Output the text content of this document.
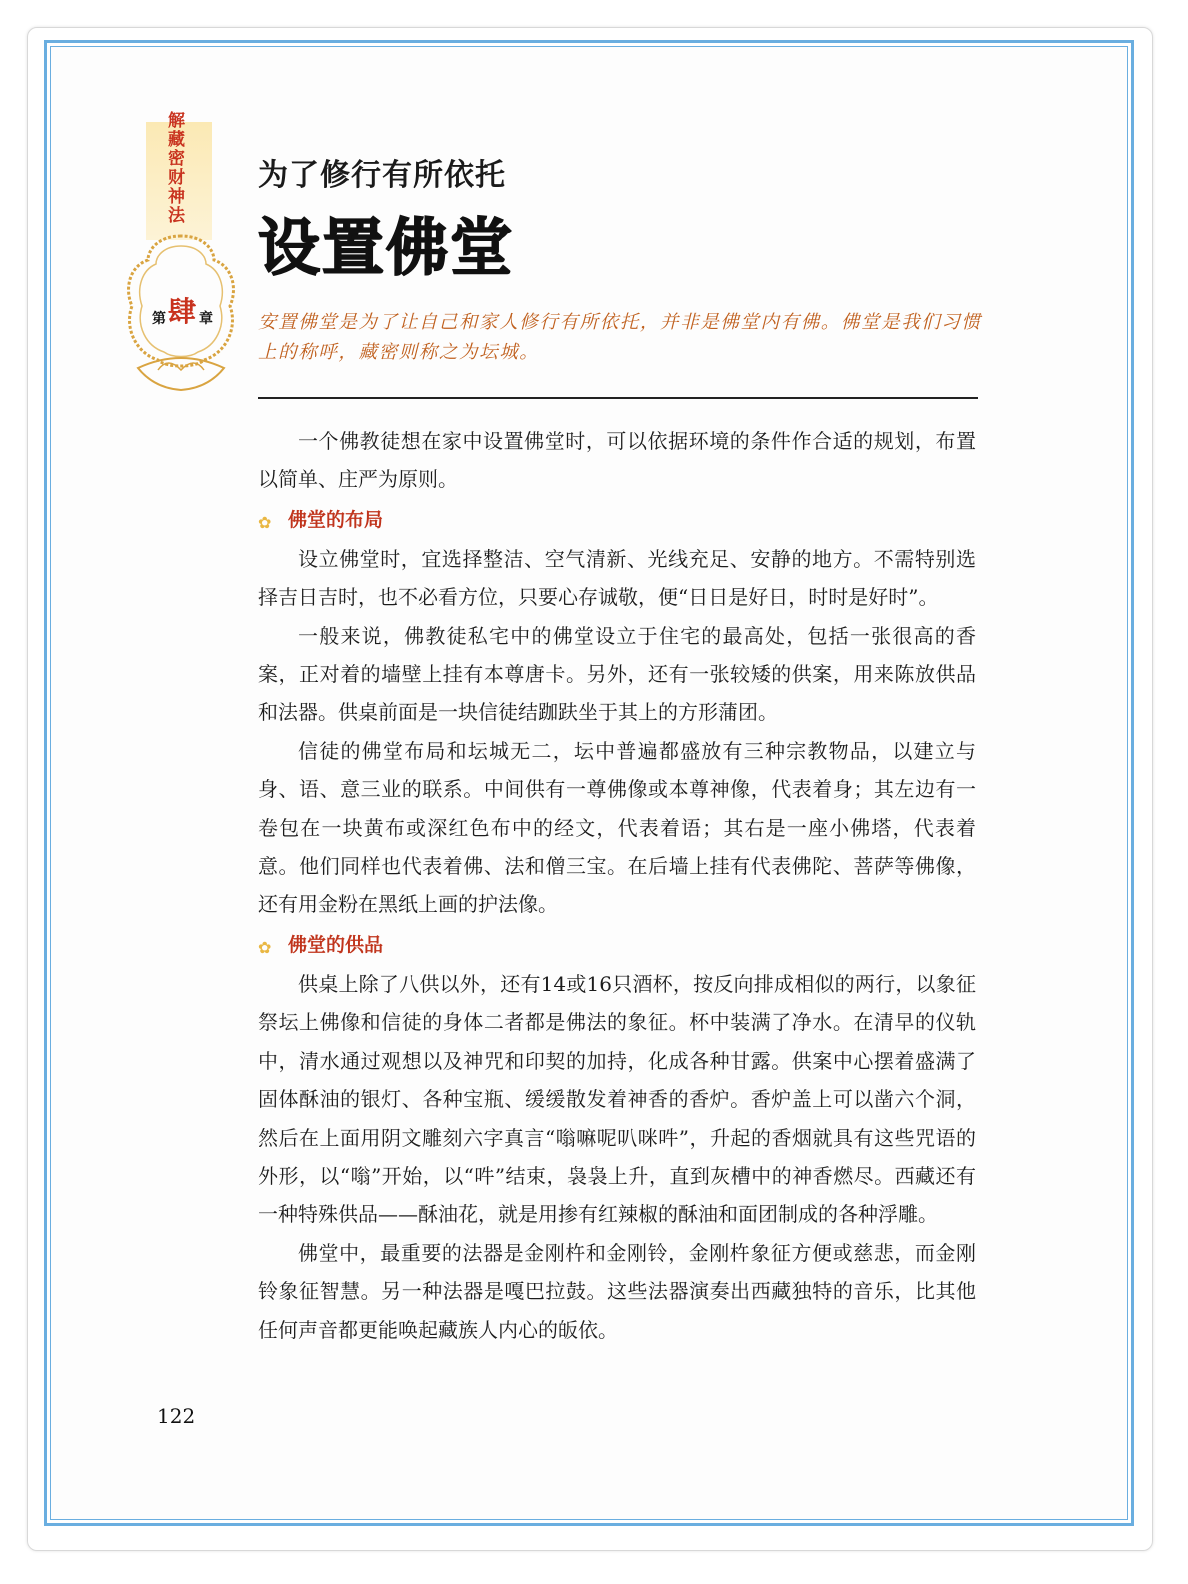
解藏密财神法
第 肆 章
为了修行有所依托
设置佛堂
安置佛堂是为了让自己和家人修行有所依托，并非是佛堂内有佛。佛堂是我们习惯上的称呼，藏密则称之为坛城。

一个佛教徒想在家中设置佛堂时，可以依据环境的条件作合适的规划，布置以简单、庄严为原则。

✿ 佛堂的布局

设立佛堂时，宜选择整洁、空气清新、光线充足、安静的地方。不需特别选择吉日吉时，也不必看方位，只要心存诚敬，便“日日是好日，时时是好时”。

一般来说，佛教徒私宅中的佛堂设立于住宅的最高处，包括一张很高的香案，正对着的墙壁上挂有本尊唐卡。另外，还有一张较矮的供案，用来陈放供品和法器。供桌前面是一块信徒结跏趺坐于其上的方形蒲团。

信徒的佛堂布局和坛城无二，坛中普遍都盛放有三种宗教物品，以建立与身、语、意三业的联系。中间供有一尊佛像或本尊神像，代表着身；其左边有一卷包在一块黄布或深红色布中的经文，代表着语；其右是一座小佛塔，代表着意。他们同样也代表着佛、法和僧三宝。在后墙上挂有代表佛陀、菩萨等佛像，还有用金粉在黑纸上画的护法像。

✿ 佛堂的供品

供桌上除了八供以外，还有14或16只酒杯，按反向排成相似的两行，以象征祭坛上佛像和信徒的身体二者都是佛法的象征。杯中装满了净水。在清早的仪轨中，清水通过观想以及神咒和印契的加持，化成各种甘露。供案中心摆着盛满了固体酥油的银灯、各种宝瓶、缓缓散发着神香的香炉。香炉盖上可以凿六个洞，然后在上面用阴文雕刻六字真言“嗡嘛呢叭咪吽”，升起的香烟就具有这些咒语的外形，以“嗡”开始，以“吽”结束，袅袅上升，直到灰槽中的神香燃尽。西藏还有一种特殊供品——酥油花，就是用掺有红辣椒的酥油和面团制成的各种浮雕。

佛堂中，最重要的法器是金刚杵和金刚铃，金刚杵象征方便或慈悲，而金刚铃象征智慧。另一种法器是嘎巴拉鼓。这些法器演奏出西藏独特的音乐，比其他任何声音都更能唤起藏族人内心的皈依。

122
